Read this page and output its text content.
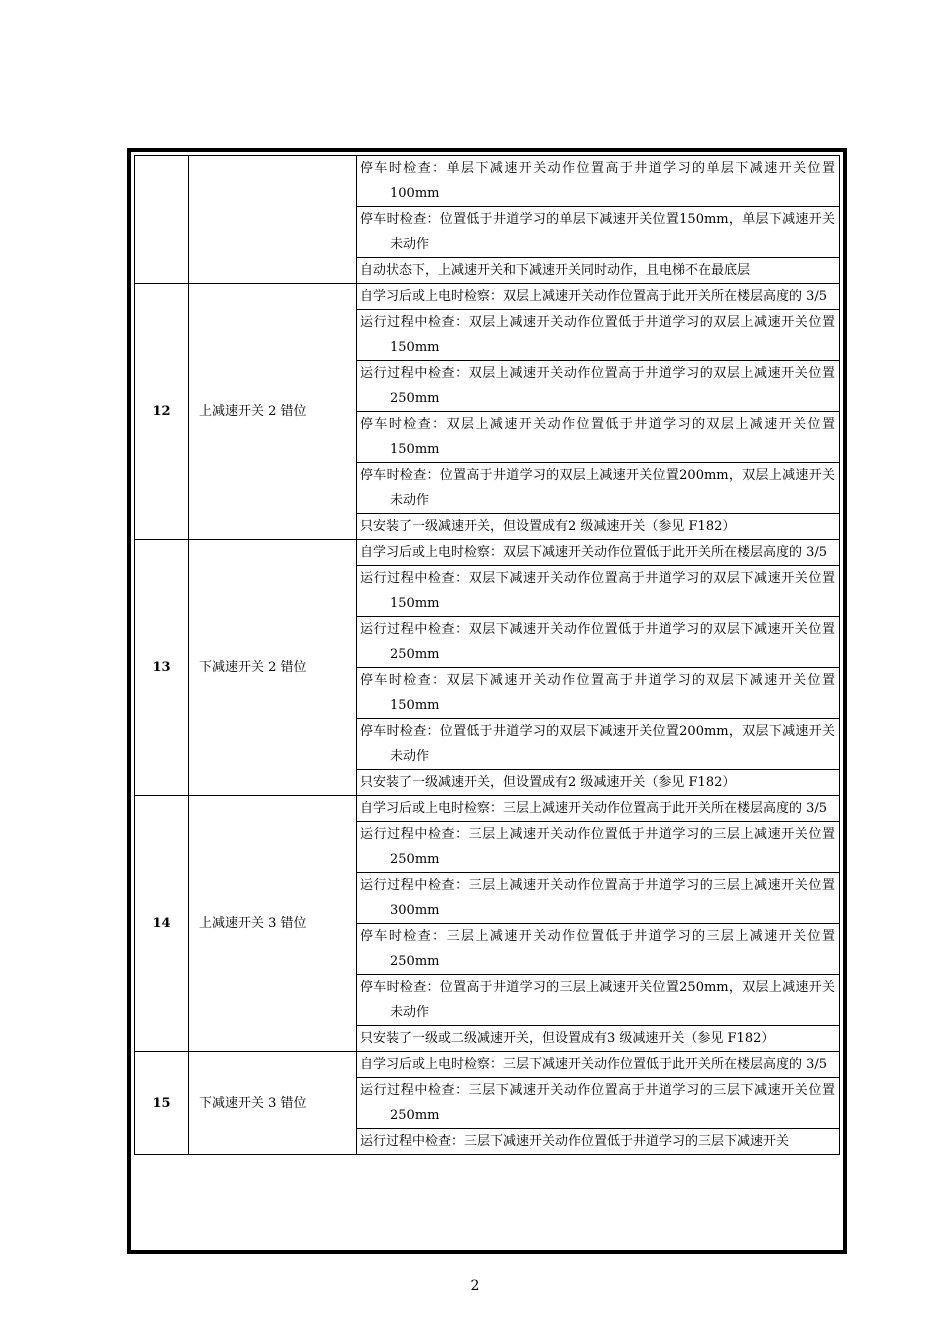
		停车时检查：单层下减速开关动作位置高于井道学习的单层下减速开关位置100mm

		停车时检查：位置低于井道学习的单层下减速开关位置150mm，单层下减速开关未动作

		自动状态下，上减速开关和下减速开关同时动作，且电梯不在最底层

12	上减速开关 2 错位	自学习后或上电时检察：双层上减速开关动作位置高于此开关所在楼层高度的 3/5

		运行过程中检查：双层上减速开关动作位置低于井道学习的双层上减速开关位置 150mm

		运行过程中检查：双层上减速开关动作位置高于井道学习的双层上减速开关位置 250mm

		停车时检查：双层上减速开关动作位置低于井道学习的双层上减速开关位置150mm

		停车时检查：位置高于井道学习的双层上减速开关位置200mm，双层上减速开关未动作

		只安装了一级减速开关，但设置成有2 级减速开关（参见 F182）

13	下减速开关 2 错位	自学习后或上电时检察：双层下减速开关动作位置低于此开关所在楼层高度的 3/5

		运行过程中检查：双层下减速开关动作位置高于井道学习的双层下减速开关位置 150mm

		运行过程中检查：双层下减速开关动作位置低于井道学习的双层下减速开关位置 250mm

		停车时检查：双层下减速开关动作位置高于井道学习的双层下减速开关位置150mm

		停车时检查：位置低于井道学习的双层下减速开关位置200mm，双层下减速开关未动作

		只安装了一级减速开关，但设置成有2 级减速开关（参见 F182）

14	上减速开关 3 错位	自学习后或上电时检察：三层上减速开关动作位置高于此开关所在楼层高度的 3/5

		运行过程中检查：三层上减速开关动作位置低于井道学习的三层上减速开关位置 250mm

		运行过程中检查：三层上减速开关动作位置高于井道学习的三层上减速开关位置 300mm

		停车时检查：三层上减速开关动作位置低于井道学习的三层上减速开关位置250mm

		停车时检查：位置高于井道学习的三层上减速开关位置250mm，双层上减速开关未动作

		只安装了一级或二级减速开关，但设置成有3 级减速开关（参见 F182）

15	下减速开关 3 错位	自学习后或上电时检察：三层下减速开关动作位置低于此开关所在楼层高度的 3/5

		运行过程中检查：三层下减速开关动作位置高于井道学习的三层下减速开关位置 250mm

		运行过程中检查：三层下减速开关动作位置低于井道学习的三层下减速开关
2
